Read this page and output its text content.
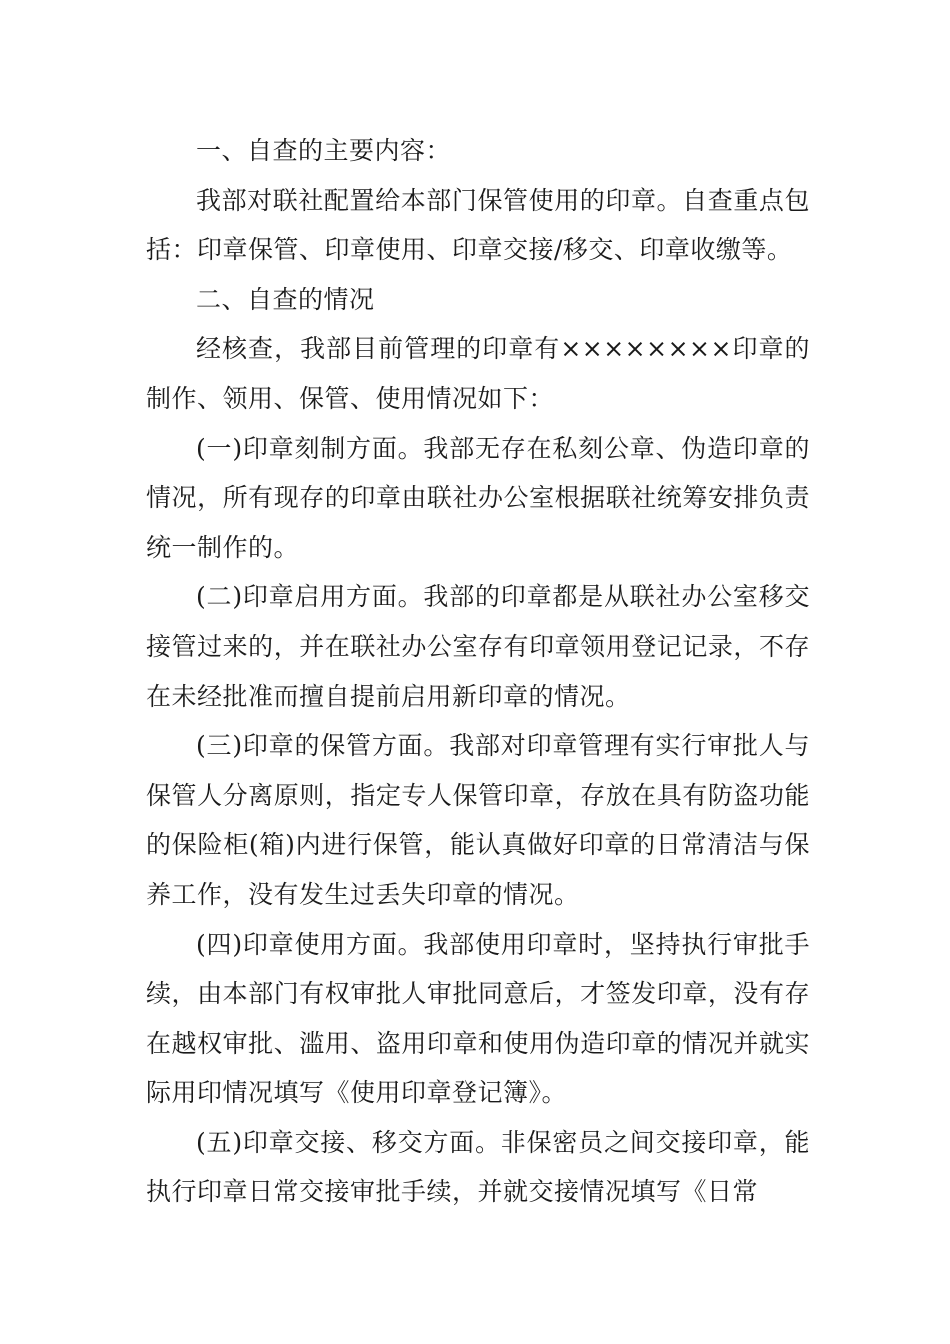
一、自查的主要内容：

我部对联社配置给本部门保管使用的印章。自查重点包括：印章保管、印章使用、印章交接/移交、印章收缴等。

二、自查的情况

经核查，我部目前管理的印章有××××××××印章的制作、领用、保管、使用情况如下：

(一)印章刻制方面。我部无存在私刻公章、伪造印章的情况，所有现存的印章由联社办公室根据联社统筹安排负责统一制作的。

(二)印章启用方面。我部的印章都是从联社办公室移交接管过来的，并在联社办公室存有印章领用登记记录，不存在未经批准而擅自提前启用新印章的情况。

(三)印章的保管方面。我部对印章管理有实行审批人与保管人分离原则，指定专人保管印章，存放在具有防盗功能的保险柜(箱)内进行保管，能认真做好印章的日常清洁与保养工作，没有发生过丢失印章的情况。

(四)印章使用方面。我部使用印章时，坚持执行审批手续，由本部门有权审批人审批同意后，才签发印章，没有存在越权审批、滥用、盗用印章和使用伪造印章的情况并就实际用印情况填写《使用印章登记簿》。

(五)印章交接、移交方面。非保密员之间交接印章，能执行印章日常交接审批手续，并就交接情况填写《日常
